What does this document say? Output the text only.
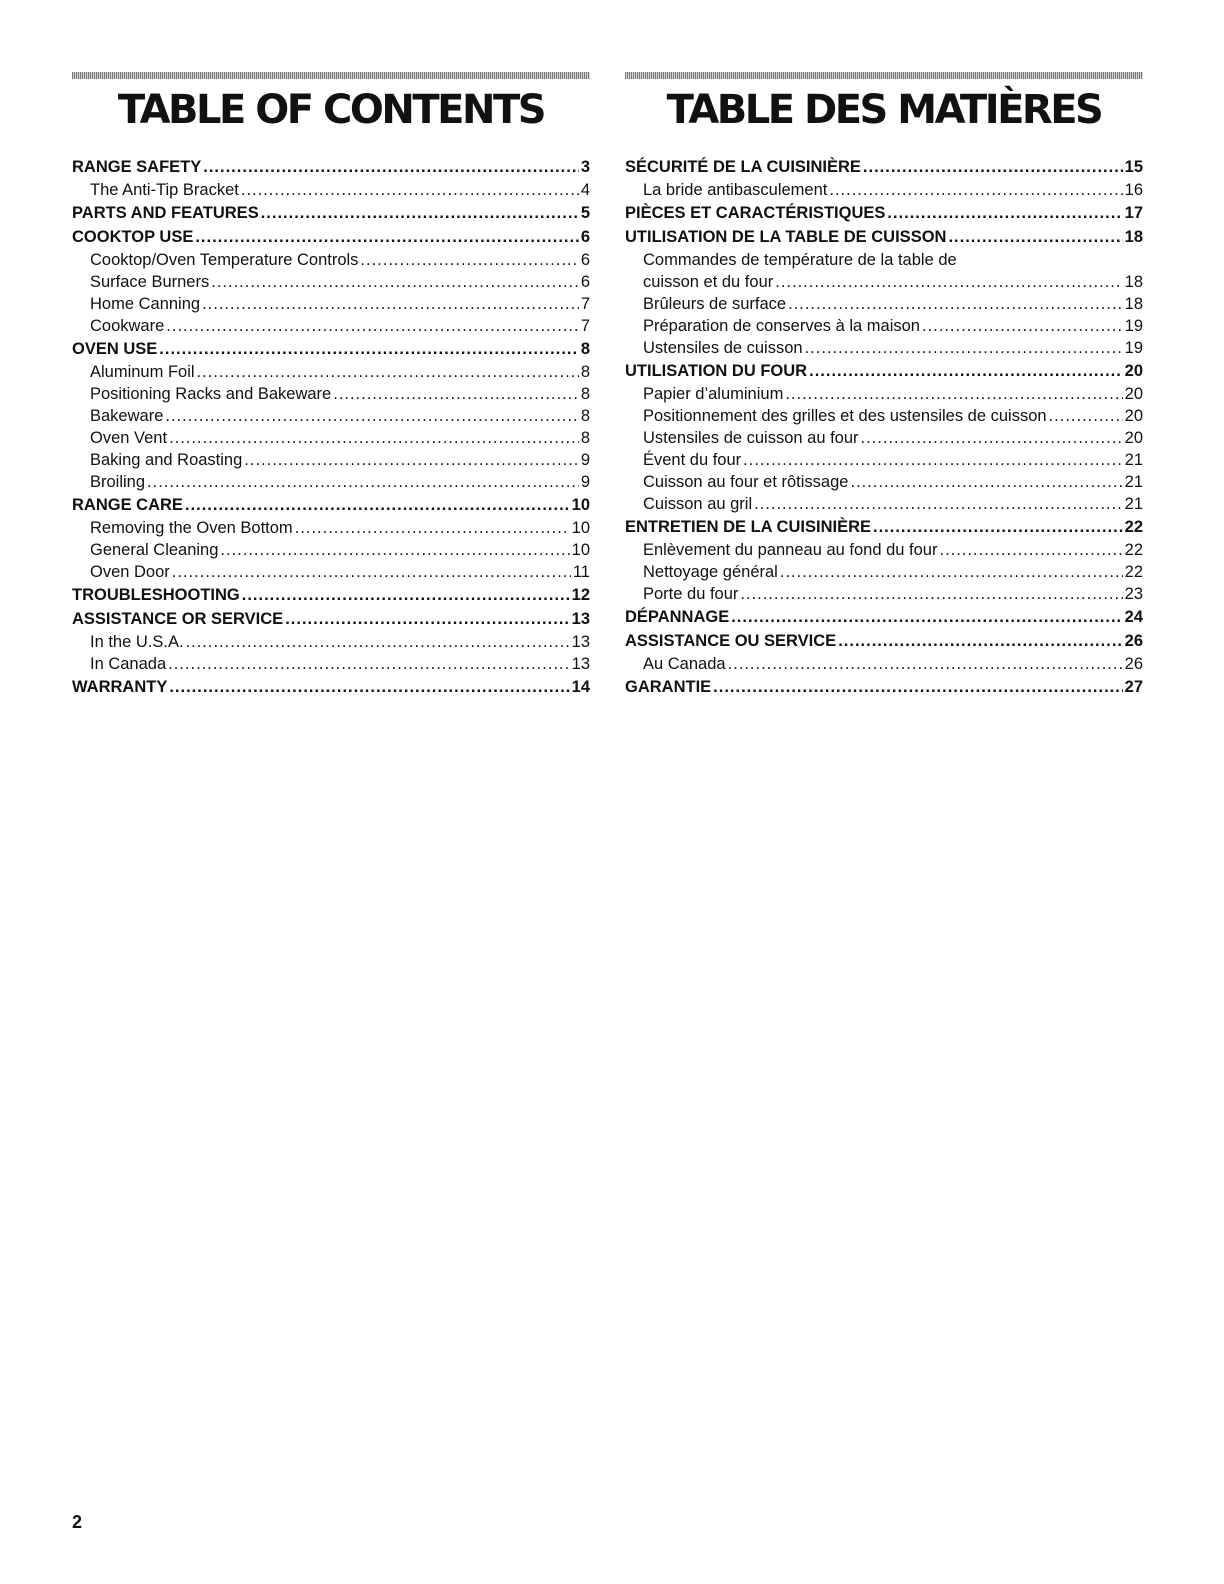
TABLE OF CONTENTS
RANGE SAFETY .....	3
The Anti-Tip Bracket .....	4
PARTS AND FEATURES .....	5
COOKTOP USE .....	6
Cooktop/Oven Temperature Controls .....	6
Surface Burners .....	6
Home Canning .....	7
Cookware .....	7
OVEN USE .....	8
Aluminum Foil .....	8
Positioning Racks and Bakeware .....	8
Bakeware .....	8
Oven Vent .....	8
Baking and Roasting .....	9
Broiling .....	9
RANGE CARE .....	10
Removing the Oven Bottom .....	10
General Cleaning .....	10
Oven Door .....	11
TROUBLESHOOTING .....	12
ASSISTANCE OR SERVICE .....	13
In the U.S.A. .....	13
In Canada .....	13
WARRANTY .....	14
TABLE DES MATIÈRES
SÉCURITÉ DE LA CUISINIÈRE .....	15
La bride antibasculement .....	16
PIÈCES ET CARACTÉRISTIQUES .....	17
UTILISATION DE LA TABLE DE CUISSON .....	18
Commandes de température de la table de
cuisson et du four .....	18
Brûleurs de surface .....	18
Préparation de conserves à la maison .....	19
Ustensiles de cuisson .....	19
UTILISATION DU FOUR .....	20
Papier d’aluminium .....	20
Positionnement des grilles et des ustensiles de cuisson .....	20
Ustensiles de cuisson au four .....	20
Évent du four .....	21
Cuisson au four et rôtissage .....	21
Cuisson au gril .....	21
ENTRETIEN DE LA CUISINIÈRE .....	22
Enlèvement du panneau au fond du four .....	22
Nettoyage général .....	22
Porte du four .....	23
DÉPANNAGE .....	24
ASSISTANCE OU SERVICE .....	26
Au Canada .....	26
GARANTIE .....	27
2
